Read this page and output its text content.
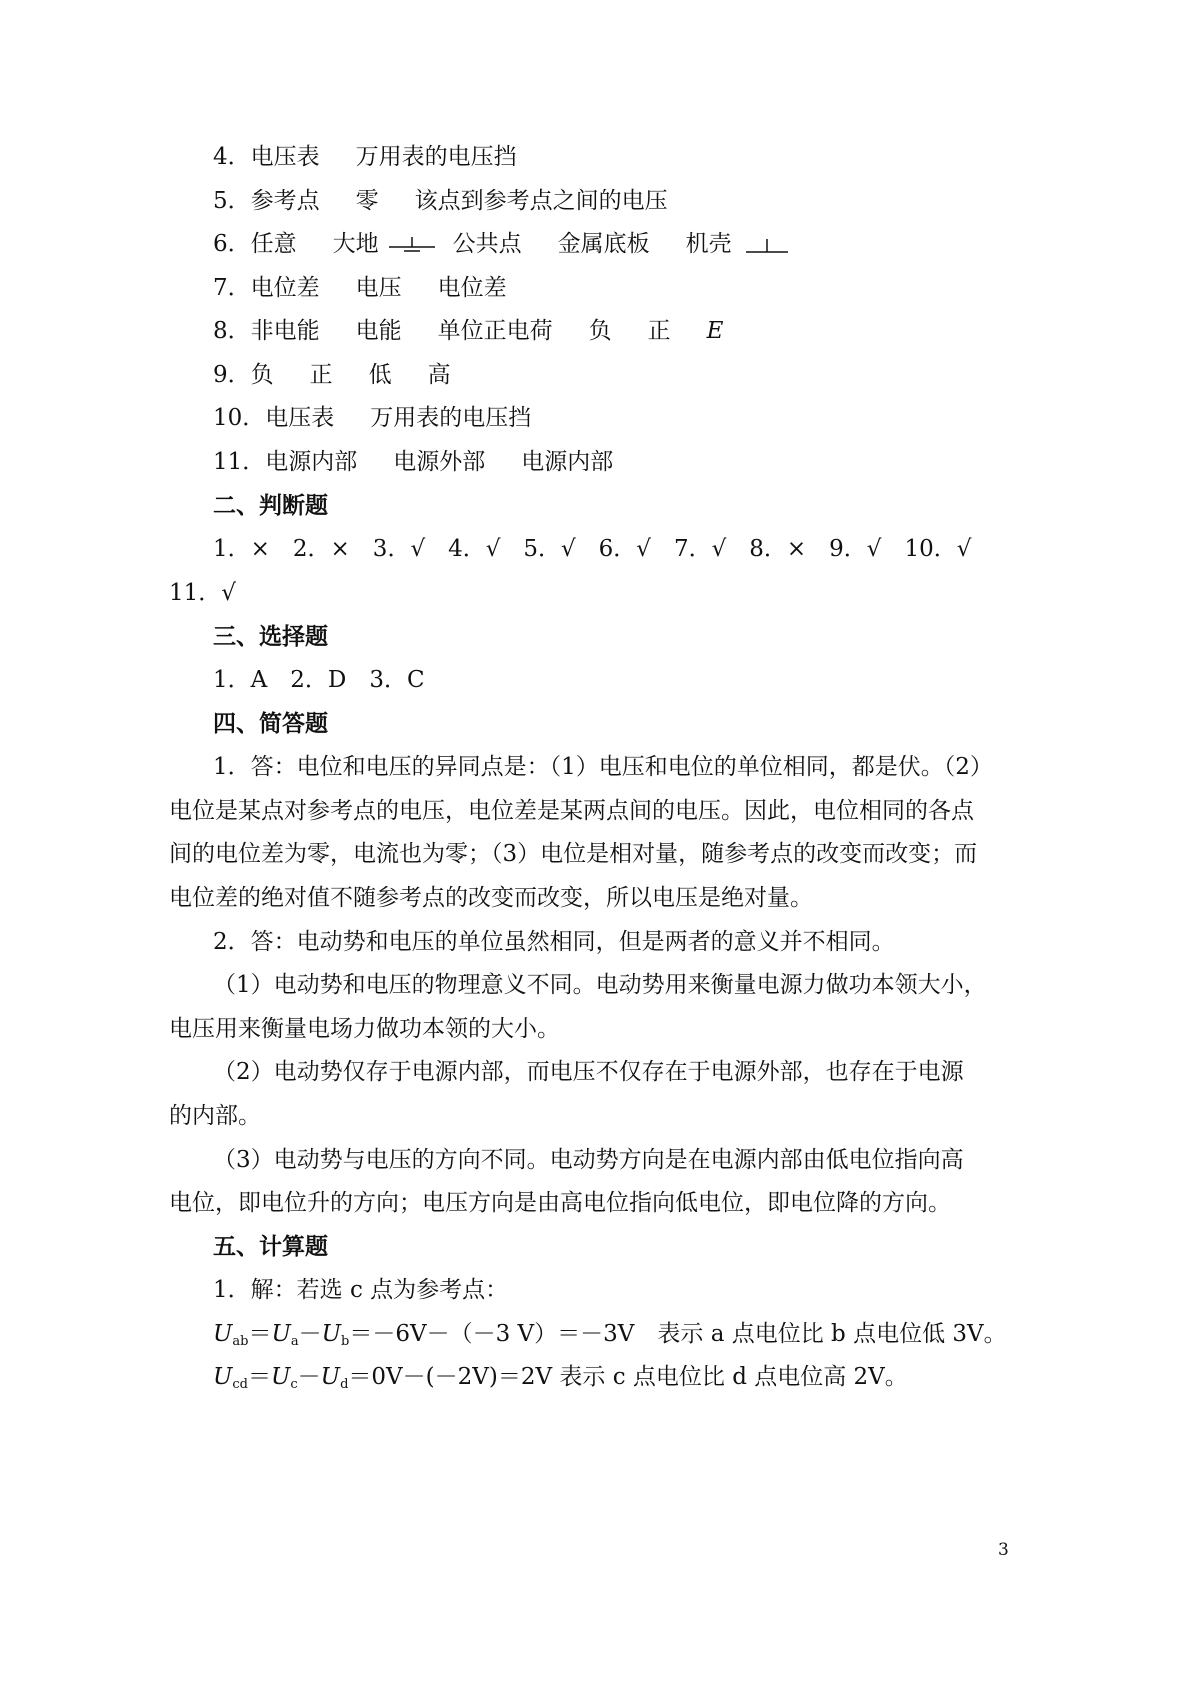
4．电压表 万用表的电压挡
5．参考点 零 该点到参考点之间的电压
6．任意 大地	公共点 金属底板 机壳
7．电位差 电压 电位差
8．非电能 电能 单位正电荷 负 正 E
9．负 正 低 高
10．电压表 万用表的电压挡
11．电源内部 电源外部 电源内部
二、判断题
1．×　2．×　3．√　4．√　5．√　6．√　7．√　8．×　9．√　10．√
11．√
三、选择题
1．A　2．D　3．C
四、简答题
1．答：电位和电压的异同点是：（1）电压和电位的单位相同，都是伏。（2）
电位是某点对参考点的电压，电位差是某两点间的电压。因此，电位相同的各点
间的电位差为零，电流也为零；（3）电位是相对量，随参考点的改变而改变；而
电位差的绝对值不随参考点的改变而改变，所以电压是绝对量。
2．答：电动势和电压的单位虽然相同，但是两者的意义并不相同。
（1）电动势和电压的物理意义不同。电动势用来衡量电源力做功本领大小，
电压用来衡量电场力做功本领的大小。
（2）电动势仅存于电源内部，而电压不仅存在于电源外部，也存在于电源
的内部。
（3）电动势与电压的方向不同。电动势方向是在电源内部由低电位指向高
电位，即电位升的方向；电压方向是由高电位指向低电位，即电位降的方向。
五、计算题
1．解：若选 c 点为参考点：
$U_{ab}=U_a-U_b=-6V-(-3$ V）＝－3V　表示 a 点电位比 b 点电位低 3V。
$U_{cd}=U_c-U_d=0V-(-2V)=2V$ 表示 c 点电位比 d 点电位高 2V。
3
